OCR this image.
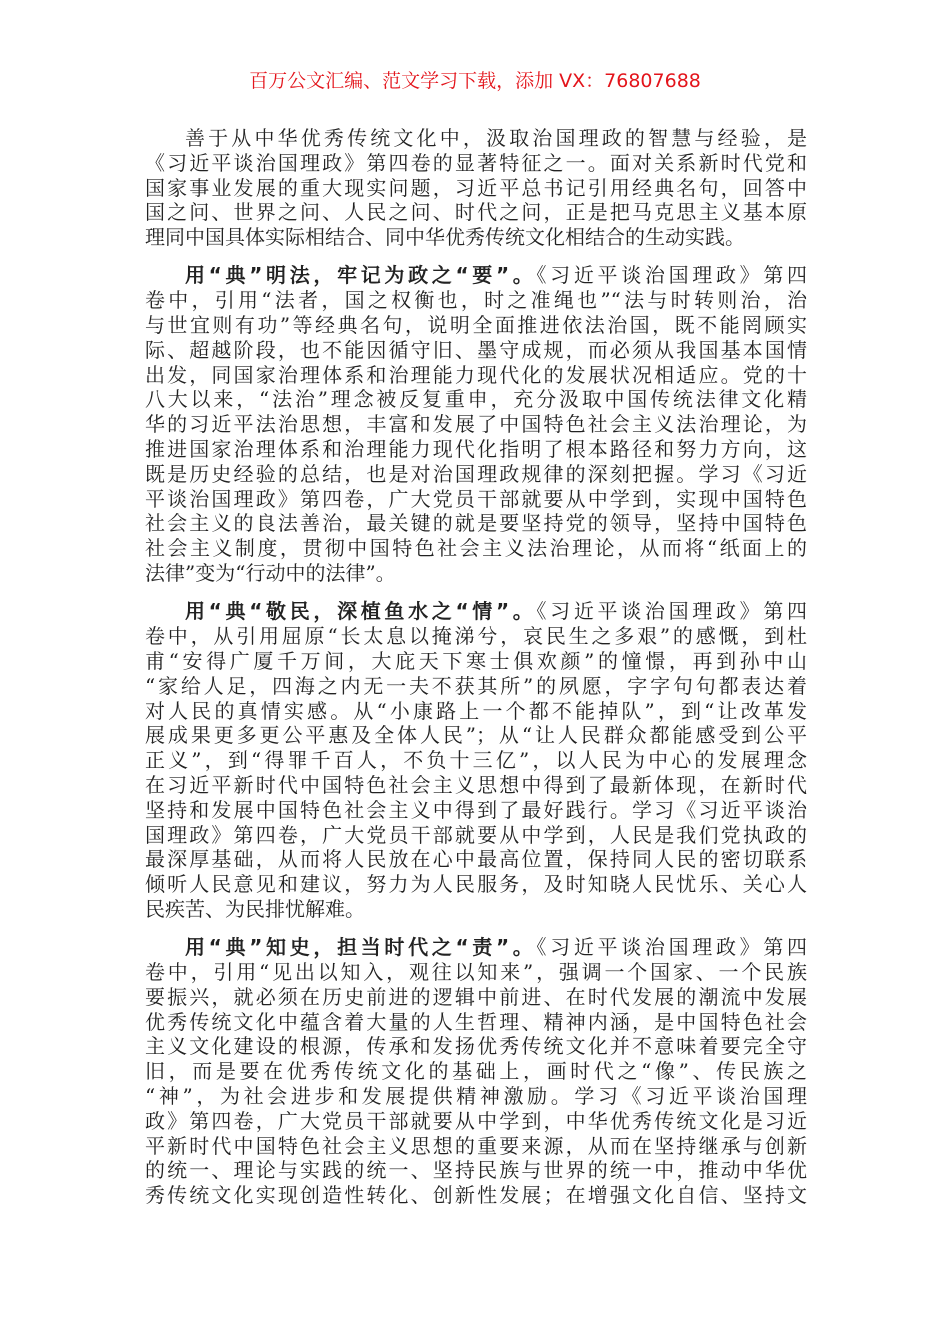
百万公文汇编、范文学习下载，添加 VX：76807688
善于从中华优秀传统文化中，汲取治国理政的智慧与经验，是
《习近平谈治国理政》第四卷的显著特征之一。面对关系新时代党和
国家事业发展的重大现实问题，习近平总书记引用经典名句，回答中
国之问、世界之问、人民之问、时代之问，正是把马克思主义基本原
理同中国具体实际相结合、同中华优秀传统文化相结合的生动实践。
用“典”明法，牢记为政之“要”。《习近平谈治国理政》第四
卷中，引用“法者，国之权衡也，时之准绳也”“法与时转则治，治
与世宜则有功”等经典名句，说明全面推进依法治国，既不能罔顾实
际、超越阶段，也不能因循守旧、墨守成规，而必须从我国基本国情
出发，同国家治理体系和治理能力现代化的发展状况相适应。党的十
八大以来，“法治”理念被反复重申，充分汲取中国传统法律文化精
华的习近平法治思想，丰富和发展了中国特色社会主义法治理论，为
推进国家治理体系和治理能力现代化指明了根本路径和努力方向，这
既是历史经验的总结，也是对治国理政规律的深刻把握。学习《习近
平谈治国理政》第四卷，广大党员干部就要从中学到，实现中国特色
社会主义的良法善治，最关键的就是要坚持党的领导，坚持中国特色
社会主义制度，贯彻中国特色社会主义法治理论，从而将“纸面上的
法律”变为“行动中的法律”。
用“典“敬民，深植鱼水之“情”。《习近平谈治国理政》第四
卷中，从引用屈原“长太息以掩涕兮，哀民生之多艰”的感慨，到杜
甫“安得广厦千万间，大庇天下寒士俱欢颜”的憧憬，再到孙中山
“家给人足，四海之内无一夫不获其所”的夙愿，字字句句都表达着
对人民的真情实感。从“小康路上一个都不能掉队”，到“让改革发
展成果更多更公平惠及全体人民”；从“让人民群众都能感受到公平
正义”，到“得罪千百人，不负十三亿”，以人民为中心的发展理念
在习近平新时代中国特色社会主义思想中得到了最新体现，在新时代
坚持和发展中国特色社会主义中得到了最好践行。学习《习近平谈治
国理政》第四卷，广大党员干部就要从中学到，人民是我们党执政的
最深厚基础，从而将人民放在心中最高位置，保持同人民的密切联系
倾听人民意见和建议，努力为人民服务，及时知晓人民忧乐、关心人
民疾苦、为民排忧解难。
用“典”知史，担当时代之“责”。《习近平谈治国理政》第四
卷中，引用“见出以知入，观往以知来”，强调一个国家、一个民族
要振兴，就必须在历史前进的逻辑中前进、在时代发展的潮流中发展
优秀传统文化中蕴含着大量的人生哲理、精神内涵，是中国特色社会
主义文化建设的根源，传承和发扬优秀传统文化并不意味着要完全守
旧，而是要在优秀传统文化的基础上，画时代之“像”、传民族之
“神”，为社会进步和发展提供精神激励。学习《习近平谈治国理
政》第四卷，广大党员干部就要从中学到，中华优秀传统文化是习近
平新时代中国特色社会主义思想的重要来源，从而在坚持继承与创新
的统一、理论与实践的统一、坚持民族与世界的统一中，推动中华优
秀传统文化实现创造性转化、创新性发展；在增强文化自信、坚持文
